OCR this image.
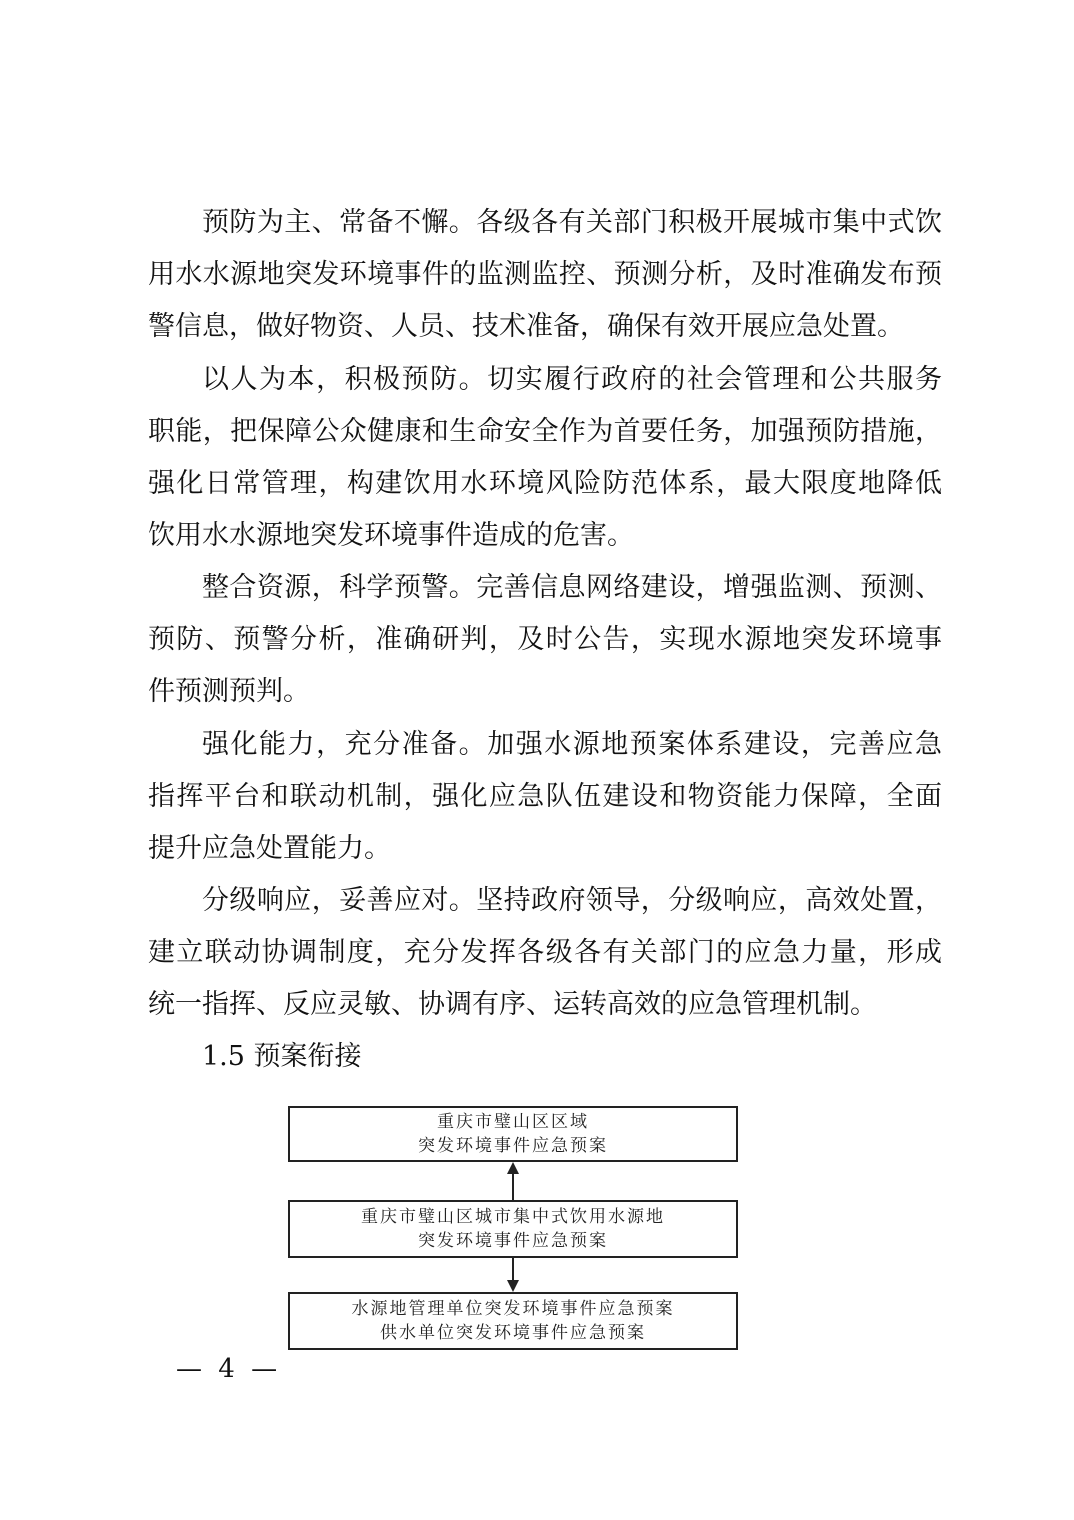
预防为主、常备不懈。各级各有关部门积极开展城市集中式饮
用水水源地突发环境事件的监测监控、预测分析，及时准确发布预
警信息，做好物资、人员、技术准备，确保有效开展应急处置。
以人为本，积极预防。切实履行政府的社会管理和公共服务
职能，把保障公众健康和生命安全作为首要任务，加强预防措施，
强化日常管理，构建饮用水环境风险防范体系，最大限度地降低
饮用水水源地突发环境事件造成的危害。
整合资源，科学预警。完善信息网络建设，增强监测、预测、
预防、预警分析，准确研判，及时公告，实现水源地突发环境事
件预测预判。
强化能力，充分准备。加强水源地预案体系建设，完善应急
指挥平台和联动机制，强化应急队伍建设和物资能力保障，全面
提升应急处置能力。
分级响应，妥善应对。坚持政府领导，分级响应，高效处置，
建立联动协调制度，充分发挥各级各有关部门的应急力量，形成
统一指挥、反应灵敏、协调有序、运转高效的应急管理机制。
1.5 预案衔接
重庆市璧山区区域
突发环境事件应急预案
重庆市璧山区城市集中式饮用水源地
突发环境事件应急预案
水源地管理单位突发环境事件应急预案
供水单位突发环境事件应急预案
— 4 —
